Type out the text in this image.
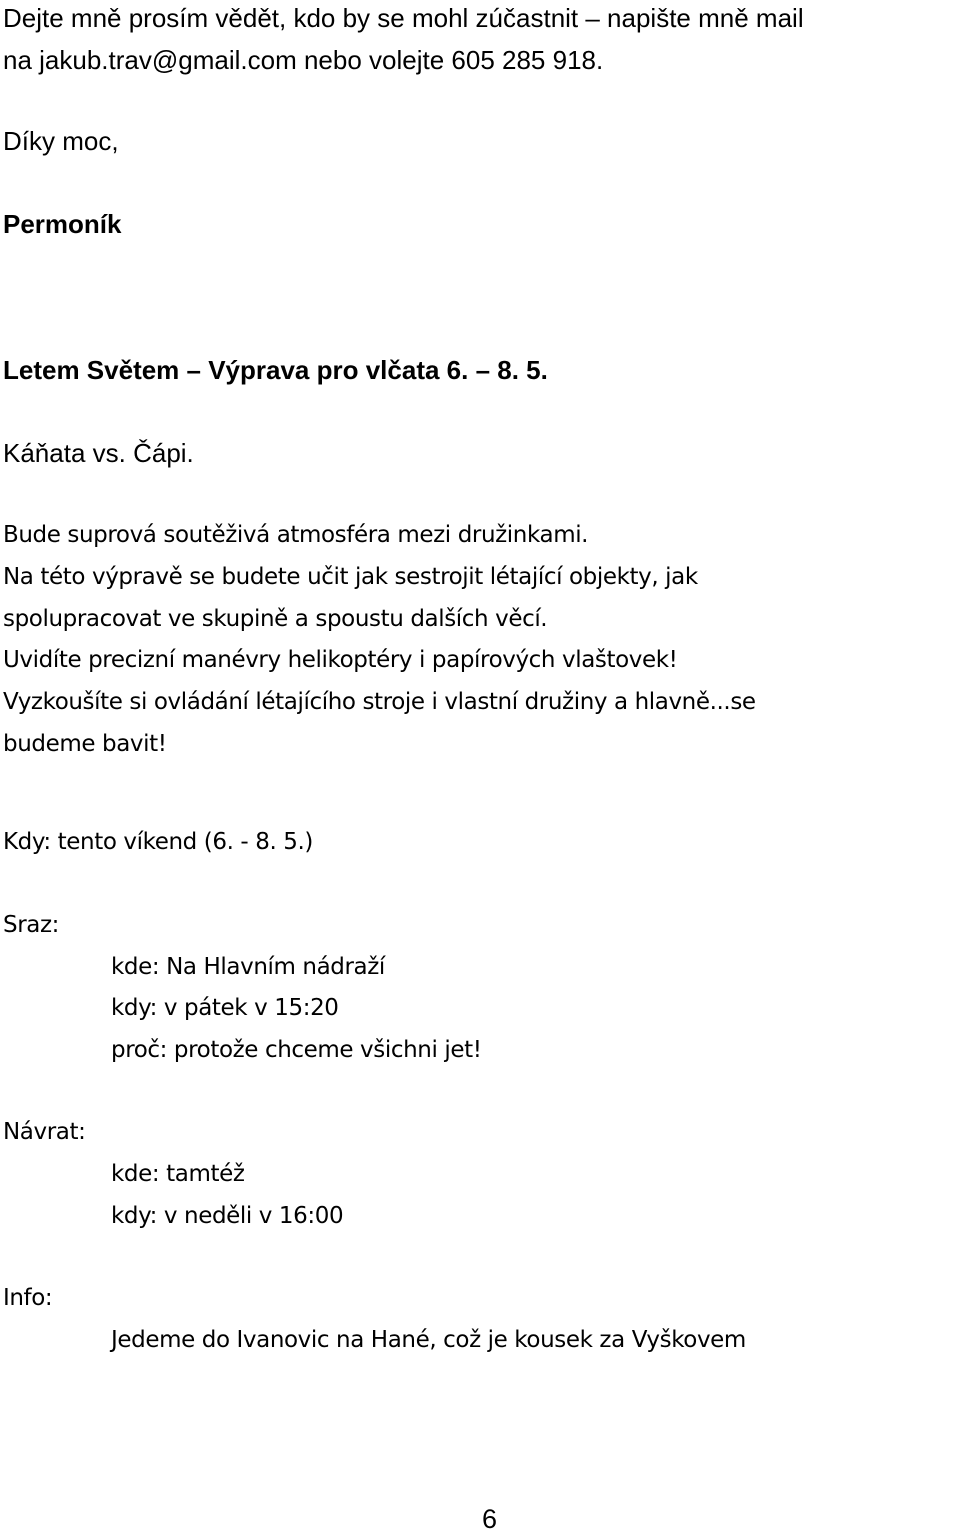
Dejte mně prosím vědět, kdo by se mohl zúčastnit – napište mně mail

na jakub.trav@gmail.com nebo volejte 605 285 918.

Díky moc,

Permoník

Letem Světem – Výprava pro vlčata 6. – 8. 5.

Káňata vs. Čápi.

Bude suprová soutěživá atmosféra mezi družinkami.

Na této výpravě se budete učit jak sestrojit létající objekty, jak

spolupracovat ve skupině a spoustu dalších věcí.

Uvidíte precizní manévry helikoptéry i papírových vlaštovek!

Vyzkoušíte si ovládání létajícího stroje i vlastní družiny a hlavně...se

budeme bavit!

Kdy: tento víkend (6. - 8. 5.)

Sraz:

kde: Na Hlavním nádraží

kdy: v pátek v 15:20

proč: protože chceme všichni jet!

Návrat:

kde: tamtéž

kdy: v neděli v 16:00

Info:

Jedeme do Ivanovic na Hané, což je kousek za Vyškovem

6
